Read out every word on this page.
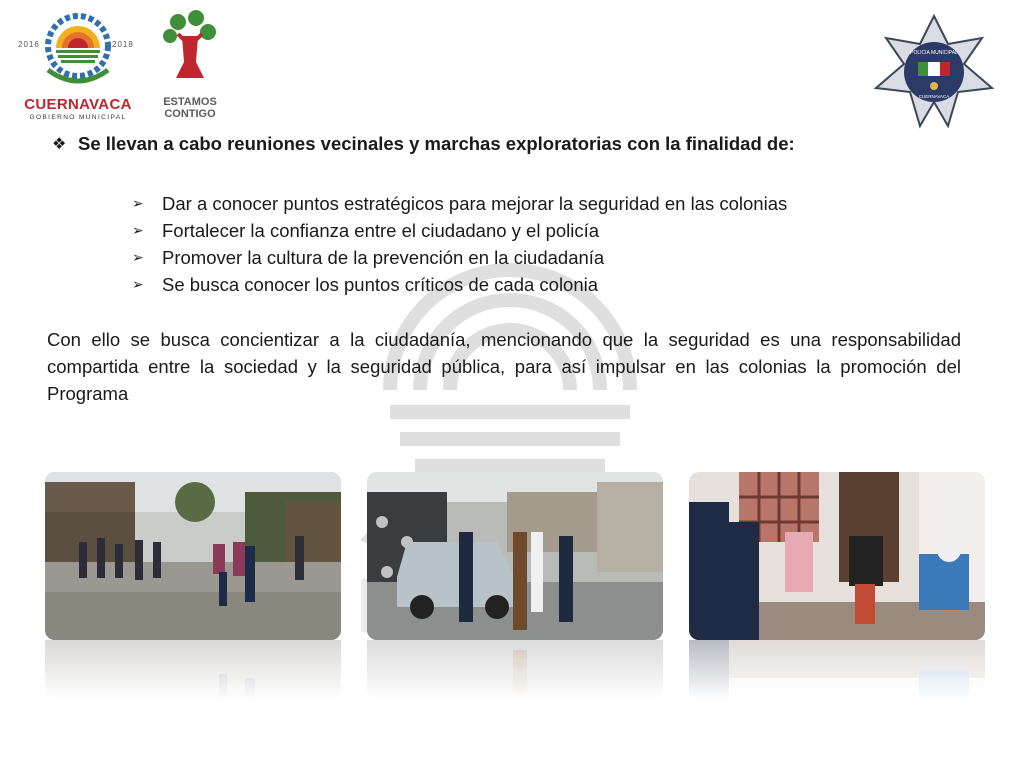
2016	2018
CUERNAVACA
GOBIERNO MUNICIPAL
ESTAMOS
CONTIGO
POLICIA MUNICIPAL
CUERNAVACA
❖ Se llevan a cabo reuniones vecinales y marchas exploratorias con la finalidad de:
➢ Dar a conocer puntos estratégicos para mejorar la seguridad en las colonias
➢ Fortalecer la confianza entre el ciudadano y el policía
➢ Promover la cultura de la prevención en la ciudadanía
➢ Se busca conocer los puntos críticos de cada colonia
Con ello se busca concientizar a la ciudadanía, mencionando que la seguridad es una responsabilidad compartida entre la sociedad y la seguridad pública, para así impulsar en las colonias la promoción del Programa
